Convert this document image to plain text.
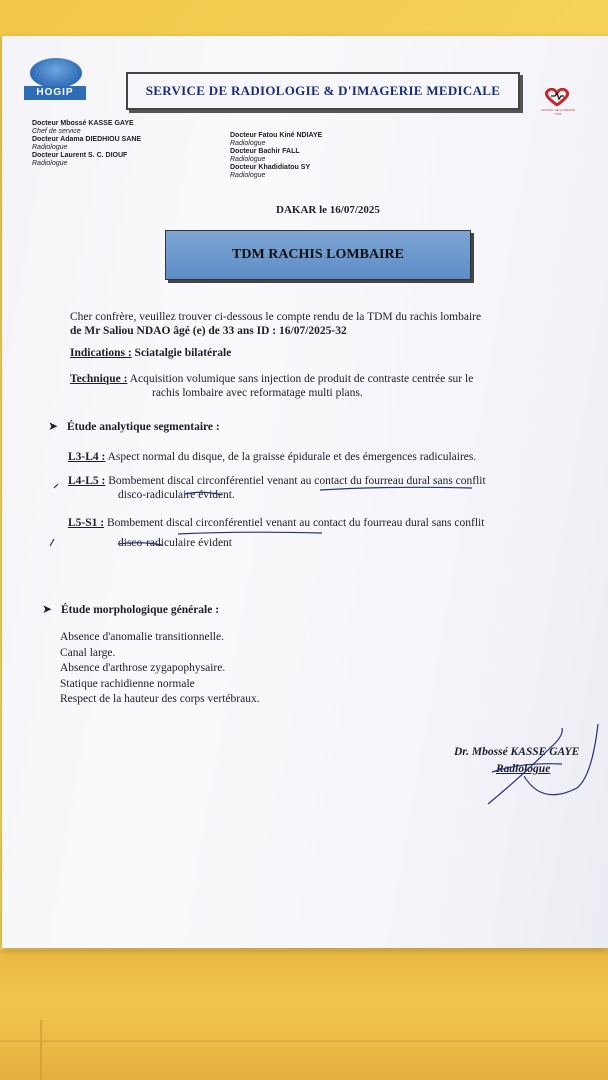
HOGIP	SERVICE DE RADIOLOGIE & D'IMAGERIE MEDICALE
HOPITAL DE LA GRAND YOFF
Docteur Mbossé KASSE GAYE
Chef de service
Docteur Adama DIEDHIOU SANE
Radiologue
Docteur Laurent S. C. DIOUF
Radiologue
Docteur Fatou Kiné NDIAYE
Radiologue
Docteur Bachir FALL
Radiologue
Docteur Khadidiatou SY
Radiologue
DAKAR le 16/07/2025
TDM RACHIS LOMBAIRE
Cher confrère, veuillez trouver ci-dessous le compte rendu de la TDM du rachis lombaire
de Mr Saliou NDAO âgé (e) de 33 ans ID : 16/07/2025-32
Indications : Sciatalgie bilatérale
Technique : Acquisition volumique sans injection de produit de contraste centrée sur le
rachis lombaire avec reformatage multi plans.
➤ Étude analytique segmentaire :
L3-L4 : Aspect normal du disque, de la graisse épidurale et des émergences radiculaires.
L4-L5 : Bombement discal circonférentiel venant au contact du fourreau dural sans conflit
disco-radiculaire évident.
L5-S1 : Bombement discal circonférentiel venant au contact du fourreau dural sans conflit
disco-radiculaire évident
➤ Étude morphologique générale :
Absence d'anomalie transitionnelle.
Canal large.
Absence d'arthrose zygapophysaire.
Statique rachidienne normale
Respect de la hauteur des corps vertébraux.
Dr. Mbossé KASSE GAYE
Radiologue
